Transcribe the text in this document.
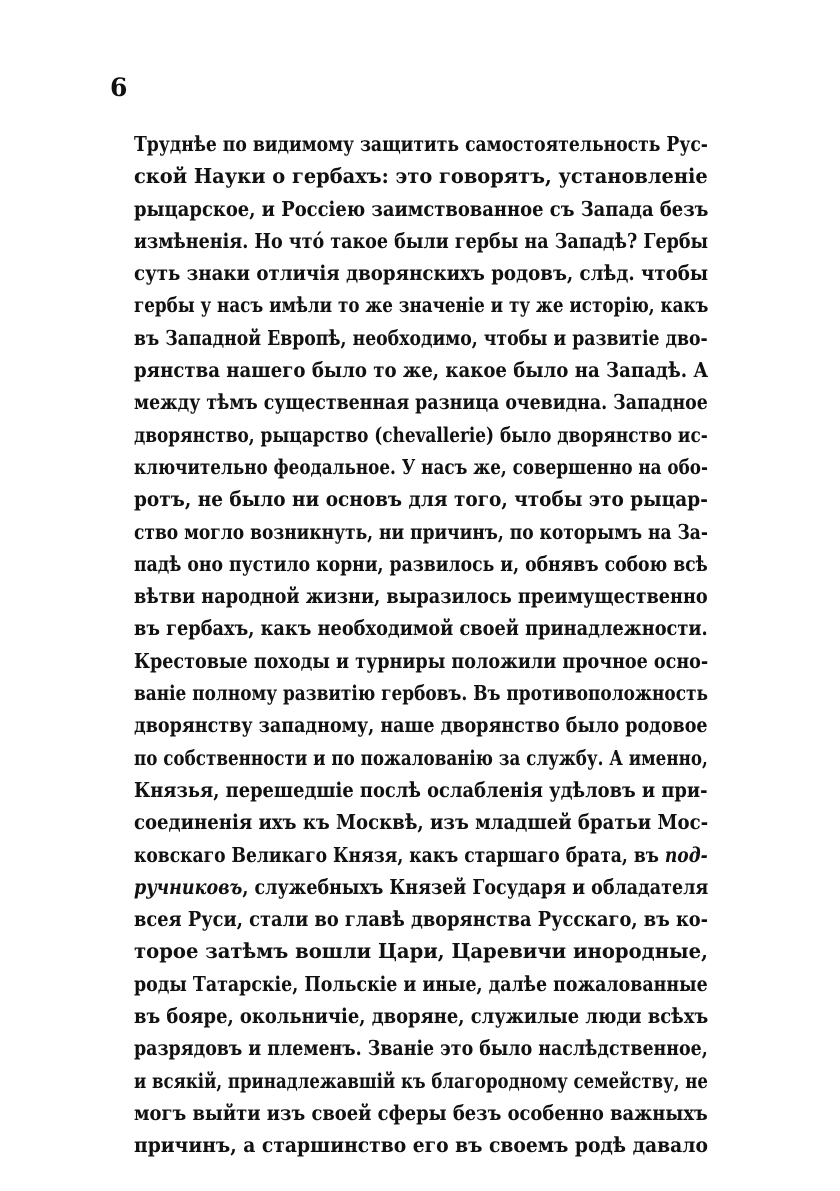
6
Труднѣе по видимому защитить самостоятельность Рус-
ской Науки о гербахъ: это говорятъ, установленіе
рыцарское, и Россіею заимствованное съ Запада безъ
измѣненія. Но чтó такое были гербы на Западѣ? Гербы
суть знаки отличія дворянскихъ родовъ, слѣд. чтобы
гербы у насъ имѣли то же значеніе и ту же исторію, какъ
въ Западной Европѣ, необходимо, чтобы и развитіе дво-
рянства нашего было то же, какое было на Западѣ. А
между тѣмъ существенная разница очевидна. Западное
дворянство, рыцарство (chevallerie) было дворянство ис-
ключительно феодальное. У насъ же, совершенно на обо-
ротъ, не было ни основъ для того, чтобы это рыцар-
ство могло возникнуть, ни причинъ, по которымъ на За-
падѣ оно пустило корни, развилось и, обнявъ собою всѣ
вѣтви народной жизни, выразилось преимущественно
въ гербахъ, какъ необходимой своей принадлежности.
Крестовые походы и турниры положили прочное осно-
ваніе полному развитію гербовъ. Въ противоположность
дворянству западному, наше дворянство было родовое
по собственности и по пожалованію за службу. А именно,
Князья, перешедшіе послѣ ослабленія удѣловъ и при-
соединенія ихъ къ Москвѣ, изъ младшей братьи Мос-
ковскаго Великаго Князя, какъ старшаго брата, въ под-
ручниковъ, служебныхъ Князей Государя и обладателя
всея Руси, стали во главѣ дворянства Русскаго, въ ко-
торое затѣмъ вошли Цари, Царевичи инородные,
роды Татарскіе, Польскіе и иные, далѣе пожалованные
въ бояре, окольничіе, дворяне, служилые люди всѣхъ
разрядовъ и племенъ. Званіе это было наслѣдственное,
и всякій, принадлежавшій къ благородному семейству, не
могъ выйти изъ своей сферы безъ особенно важныхъ
причинъ, а старшинство его въ своемъ родѣ давало
